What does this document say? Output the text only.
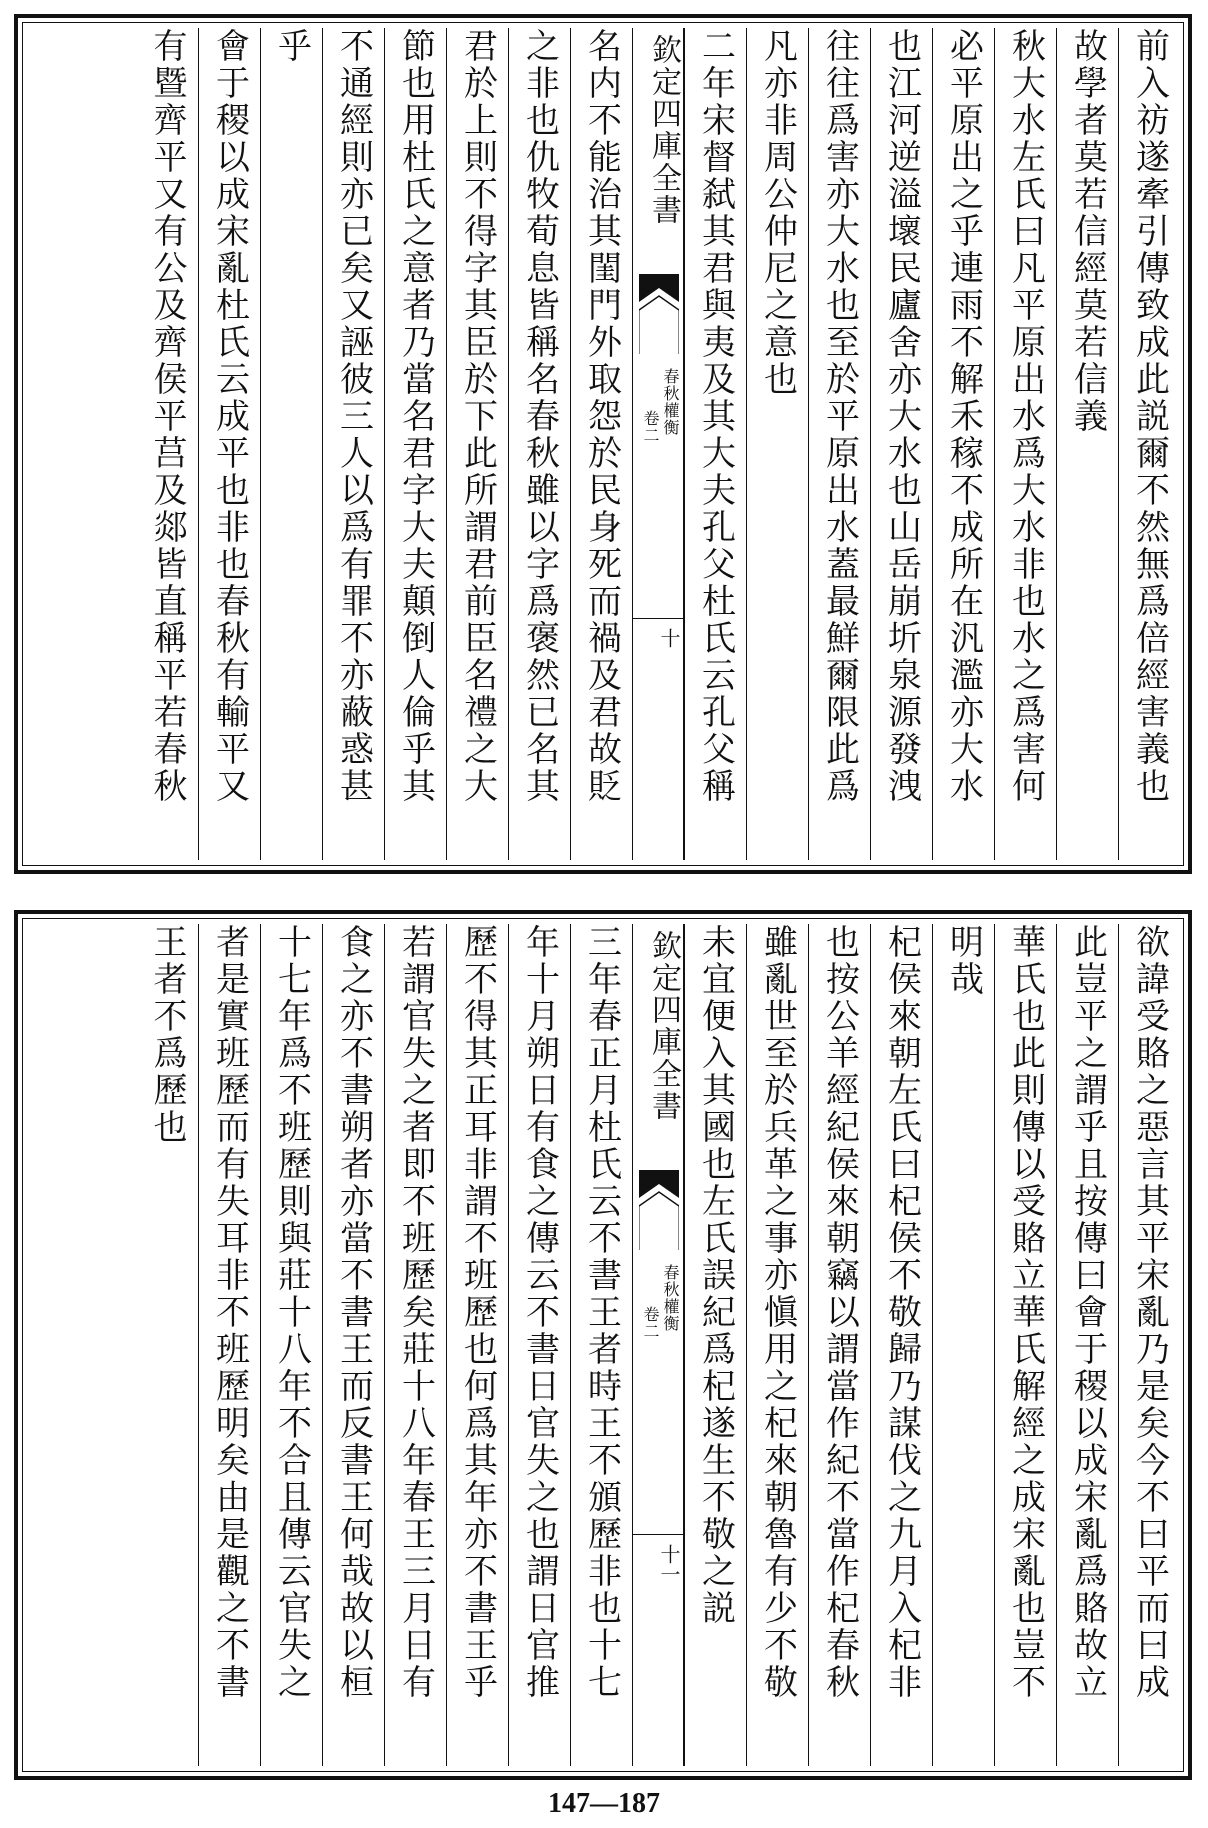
前入祊遂牽引傳致成此説爾不然無爲倍經害義也
故學者莫若信經莫若信義
秋大水左氏曰凡平原出水爲大水非也水之爲害何
必平原出之乎連雨不解禾稼不成所在汎濫亦大水
也江河逆溢壞民廬舍亦大水也山岳崩圻泉源發洩
往往爲害亦大水也至於平原出水蓋最鮮爾限此爲
凡亦非周公仲尼之意也
二年宋督弑其君與夷及其大夫孔父杜氏云孔父稱
欽定四庫全書
春秋權衡
卷二
十
名内不能治其閨門外取怨於民身死而禍及君故貶
之非也仇牧荀息皆稱名春秋雖以字爲褒然已名其
君於上則不得字其臣於下此所謂君前臣名禮之大
節也用杜氏之意者乃當名君字大夫顛倒人倫乎其
不通經則亦已矣又誣彼三人以爲有罪不亦蔽惑甚
乎
會于稷以成宋亂杜氏云成平也非也春秋有輸平又
有暨齊平又有公及齊侯平莒及郯皆直稱平若春秋
欲諱受賂之惡言其平宋亂乃是矣今不曰平而曰成
此豈平之謂乎且按傳曰會于稷以成宋亂爲賂故立
華氏也此則傳以受賂立華氏解經之成宋亂也豈不
明哉
杞侯來朝左氏曰杞侯不敬歸乃謀伐之九月入杞非
也按公羊經紀侯來朝竊以謂當作紀不當作杞春秋
雖亂世至於兵革之事亦愼用之杞來朝魯有少不敬
未宜便入其國也左氏誤紀爲杞遂生不敬之説
欽定四庫全書
春秋權衡
卷二
十一
三年春正月杜氏云不書王者時王不頒歷非也十七
年十月朔日有食之傳云不書日官失之也謂日官推
歷不得其正耳非謂不班歷也何爲其年亦不書王乎
若謂官失之者即不班歷矣莊十八年春王三月日有
食之亦不書朔者亦當不書王而反書王何哉故以桓
十七年爲不班歷則與莊十八年不合且傳云官失之
者是實班歷而有失耳非不班歷明矣由是觀之不書
王者不爲歷也
147—187
